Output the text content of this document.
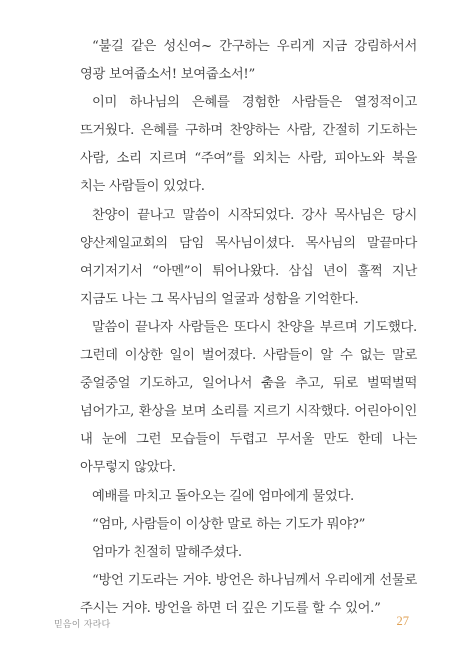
“불길 같은 성신여~ 간구하는 우리게 지금 강림하서서 영광 보여줍소서! 보여줍소서!”

이미 하나님의 은혜를 경험한 사람들은 열정적이고 뜨거웠다. 은혜를 구하며 찬양하는 사람, 간절히 기도하는 사람, 소리 지르며 “주여”를 외치는 사람, 피아노와 북을 치는 사람들이 있었다.

찬양이 끝나고 말씀이 시작되었다. 강사 목사님은 당시 양산제일교회의 담임 목사님이셨다. 목사님의 말끝마다 여기저기서 “아멘”이 튀어나왔다. 삼십 년이 훌쩍 지난 지금도 나는 그 목사님의 얼굴과 성함을 기억한다.

말씀이 끝나자 사람들은 또다시 찬양을 부르며 기도했다. 그런데 이상한 일이 벌어졌다. 사람들이 알 수 없는 말로 중얼중얼 기도하고, 일어나서 춤을 추고, 뒤로 벌떡벌떡 넘어가고, 환상을 보며 소리를 지르기 시작했다. 어린아이인 내 눈에 그런 모습들이 두렵고 무서울 만도 한데 나는 아무렇지 않았다.

예배를 마치고 돌아오는 길에 엄마에게 물었다.

“엄마, 사람들이 이상한 말로 하는 기도가 뭐야?”

엄마가 친절히 말해주셨다.

“방언 기도라는 거야. 방언은 하나님께서 우리에게 선물로 주시는 거야. 방언을 하면 더 깊은 기도를 할 수 있어.”

믿음이 자라다	27
